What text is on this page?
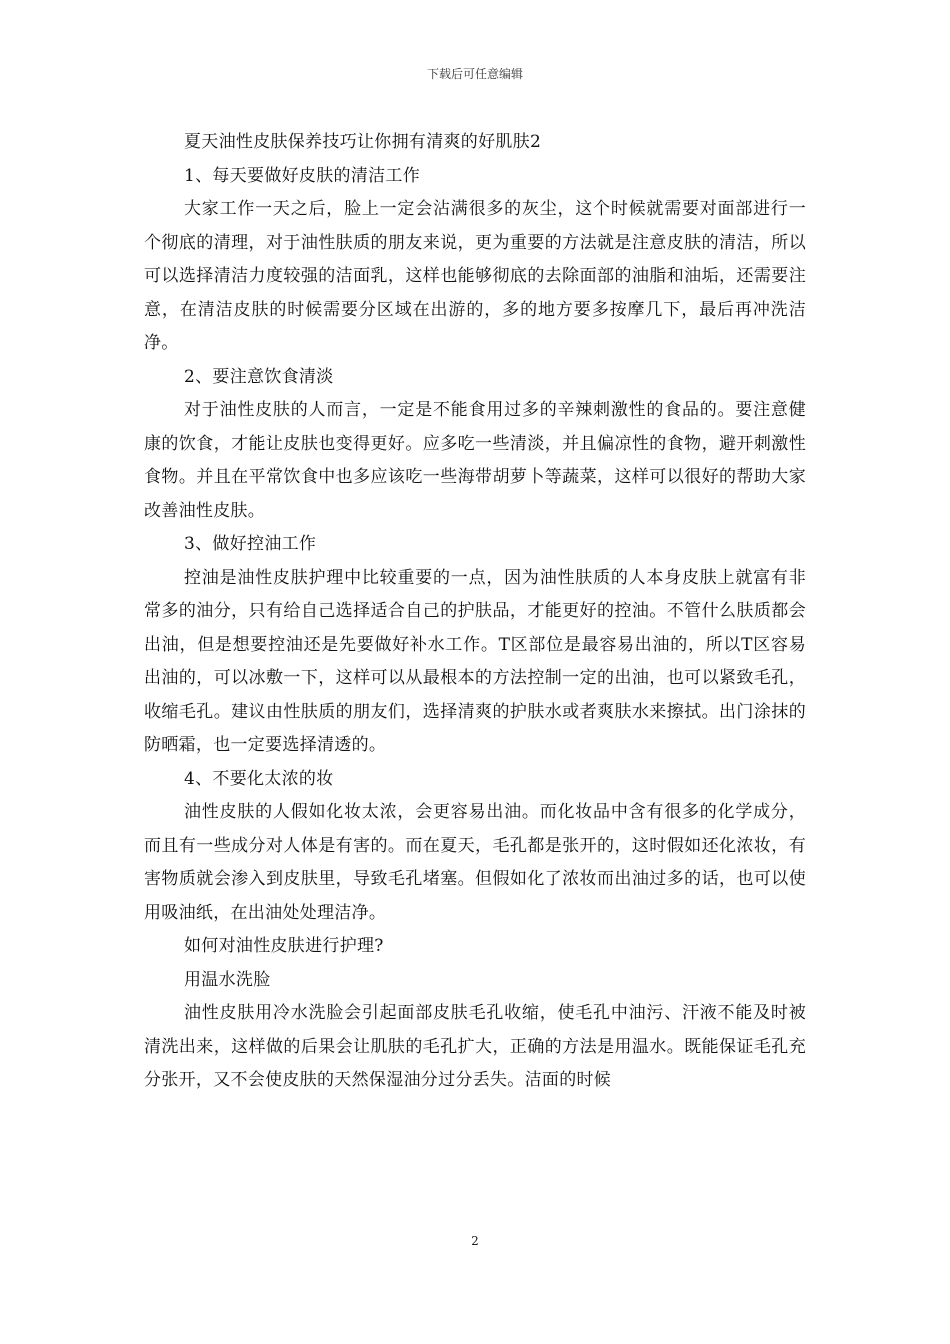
下载后可任意编辑

夏天油性皮肤保养技巧让你拥有清爽的好肌肤2

1、每天要做好皮肤的清洁工作

大家工作一天之后，脸上一定会沾满很多的灰尘，这个时候就需要对面部进行一个彻底的清理，对于油性肤质的朋友来说，更为重要的方法就是注意皮肤的清洁，所以可以选择清洁力度较强的洁面乳，这样也能够彻底的去除面部的油脂和油垢，还需要注意，在清洁皮肤的时候需要分区域在出游的，多的地方要多按摩几下，最后再冲洗洁净。

2、要注意饮食清淡

对于油性皮肤的人而言，一定是不能食用过多的辛辣刺激性的食品的。要注意健康的饮食，才能让皮肤也变得更好。应多吃一些清淡，并且偏凉性的食物，避开刺激性食物。并且在平常饮食中也多应该吃一些海带胡萝卜等蔬菜，这样可以很好的帮助大家改善油性皮肤。

3、做好控油工作

控油是油性皮肤护理中比较重要的一点，因为油性肤质的人本身皮肤上就富有非常多的油分，只有给自己选择适合自己的护肤品，才能更好的控油。不管什么肤质都会出油，但是想要控油还是先要做好补水工作。T区部位是最容易出油的，所以T区容易出油的，可以冰敷一下，这样可以从最根本的方法控制一定的出油，也可以紧致毛孔，收缩毛孔。建议由性肤质的朋友们，选择清爽的护肤水或者爽肤水来擦拭。出门涂抹的防晒霜，也一定要选择清透的。

4、不要化太浓的妆

油性皮肤的人假如化妆太浓，会更容易出油。而化妆品中含有很多的化学成分，而且有一些成分对人体是有害的。而在夏天，毛孔都是张开的，这时假如还化浓妆，有害物质就会渗入到皮肤里，导致毛孔堵塞。但假如化了浓妆而出油过多的话，也可以使用吸油纸，在出油处处理洁净。

如何对油性皮肤进行护理?

用温水洗脸

油性皮肤用冷水洗脸会引起面部皮肤毛孔收缩，使毛孔中油污、汗液不能及时被清洗出来，这样做的后果会让肌肤的毛孔扩大，正确的方法是用温水。既能保证毛孔充分张开，又不会使皮肤的天然保湿油分过分丢失。洁面的时候

2
